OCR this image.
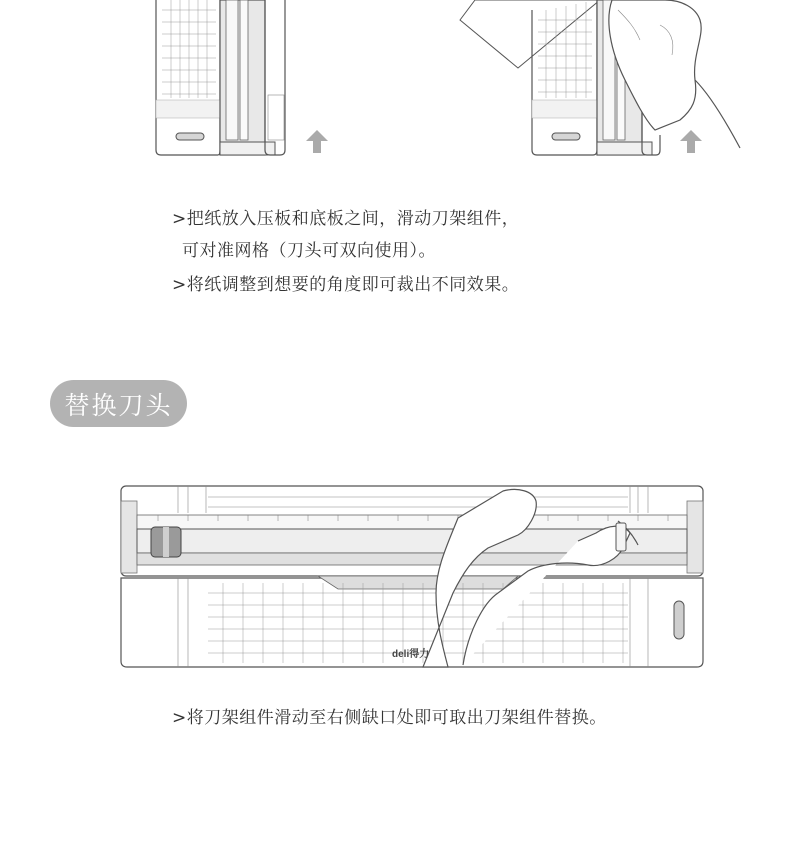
>把纸放入压板和底板之间，滑动刀架组件，
可对准网格（刀头可双向使用）。
>将纸调整到想要的角度即可裁出不同效果。
替换刀头
deli得力
>将刀架组件滑动至右侧缺口处即可取出刀架组件替换。
